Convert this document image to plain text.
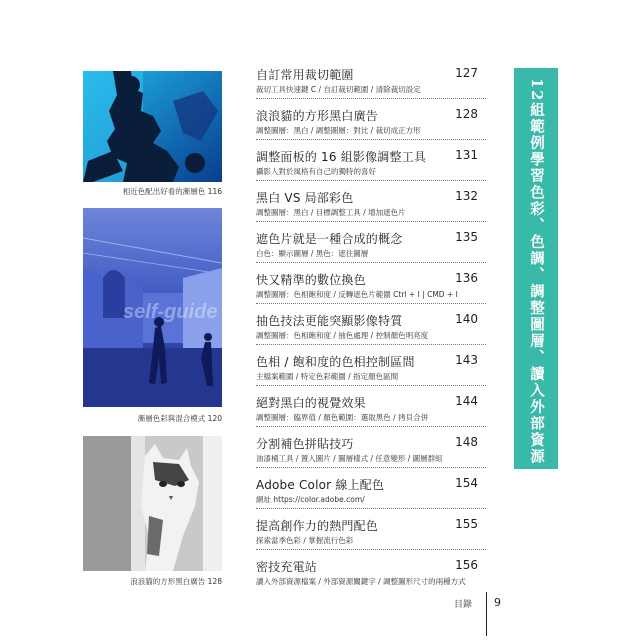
相近色配出好看的漸層色 116
self-guide
漸層色彩與混合模式 120
浪浪貓的方形黑白廣告 128
自訂常用裁切範圍	127
裁切工具快速鍵 C / 自訂裁切範圍 / 清除裁切設定
浪浪貓的方形黑白廣告	128
調整圖層：黑白 / 調整圖層：對比 / 裁切成正方形
調整面板的 16 組影像調整工具 131
攝影人對於風格有自己的獨特的喜好
黑白 VS 局部彩色	132
調整圖層：黑白 / 目標調整工具 / 增加遮色片
遮色片就是一種合成的概念	135
白色：顯示圖層 / 黑色：遮住圖層
快又精準的數位換色	136
調整圖層：色相飽和度 / 反轉遮色片範圍 Ctrl + I | CMD + I
抽色技法更能突顯影像特質	140
調整圖層：色相飽和度 / 抽色處理 / 控制顏色明亮度
色相 / 飽和度的色相控制區間	143
主檔案範圍 / 特定色彩範圍 / 指定顏色區間
絕對黑白的視覺效果	144
調整圖層：臨界值 / 顏色範圍：選取黑色 / 拷貝合併
分割補色拼貼技巧	148
油漆桶工具 / 置入圖片 / 圖層樣式 / 任意變形 / 圖層群組
Adobe Color 線上配色	154
網址 https://color.adobe.com/
提高創作力的熱門配色	155
探索當季色彩 / 掌握流行色彩
密技充電站	156
讀入外部資源檔案 / 外部資源關鍵字 / 調整圖形尺寸的兩種方式
12組範例學習色彩、色調、調整圖層、讀入外部資源
目錄 9
